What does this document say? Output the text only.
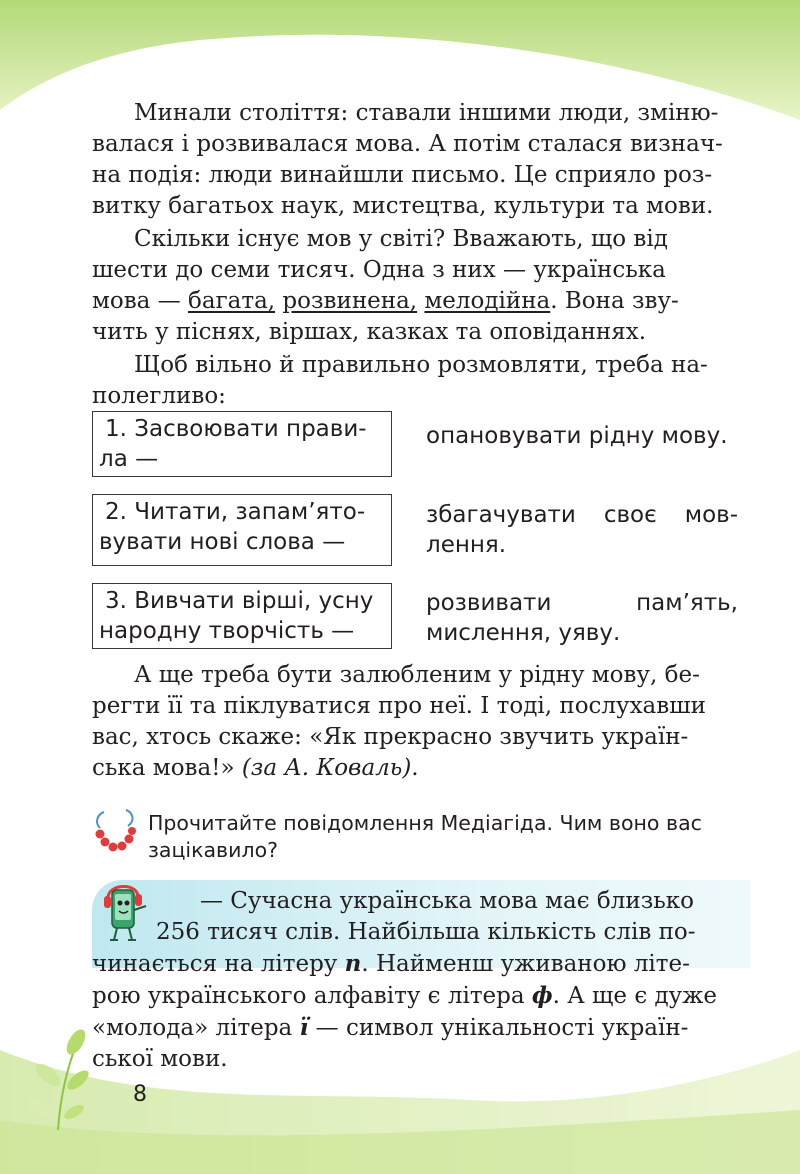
Минали століття: ставали іншими люди, зміню-
валася і розвивалася мова. А потім сталася визнач-
на подія: люди винайшли письмо. Це сприяло роз-
витку багатьох наук, мистецтва, культури та мови.
Скільки існує мов у світі? Вважають, що від
шести до семи тисяч. Одна з них — українська
мова — багата, розвинена, мелодійна. Вона зву-
чить у піснях, віршах, казках та оповіданнях.
Щоб вільно й правильно розмовляти, треба на-
полегливо:
1. Засвоювати прави-
ла —
опановувати рідну мову.
2. Читати, запам’ято-
вувати нові слова —
збагачувати своє мов-
лення.
3. Вивчати вірші, усну
народну творчість —
розвивати пам’ять,
мислення, уяву.
А ще треба бути залюбленим у рідну мову, бе-
регти її та піклуватися про неї. І тоді, послухавши
вас, хтось скаже: «Як прекрасно звучить україн-
ська мова!» (за А. Коваль).
Прочитайте повідомлення Медіагіда. Чим воно вас
зацікавило?
— Сучасна українська мова має близько
256 тисяч слів. Найбільша кількість слів по-
чинається на літеру п. Найменш уживаною літе-
рою українського алфавіту є літера ф. А ще є дуже
«молода» літера ї — символ унікальності україн-
ської мови.
8
